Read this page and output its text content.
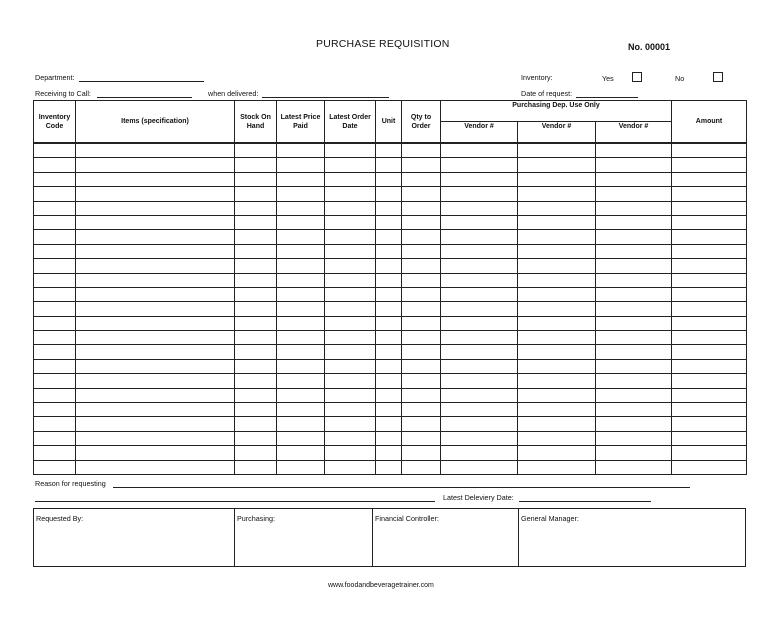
PURCHASE REQUISITION	No. 00001
Department:
Receiving to Call:	when delivered:
Inventory:	Yes	No
Date of request:
Inventory Code	Items (specification)	Stock On Hand	Latest Price Paid	Latest Order Date	Unit	Qty to Order	Purchasing Dep. Use Only			Amount
							Vendor #	Vendor #	Vendor #	

Reason for requesting
Latest Deleviery Date:
Requested By:	Purchasing:	Financial Controller:	General Manager:
www.foodandbeveragetrainer.com
